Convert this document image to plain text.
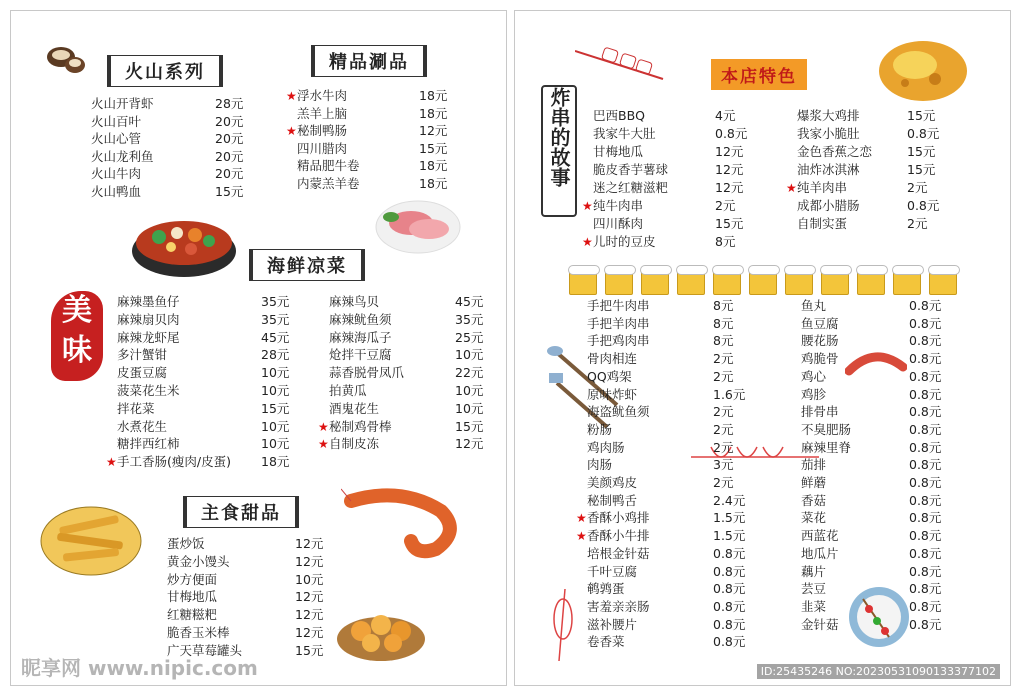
火山系列	精品涮品
火山开背虾	28元
火山百叶	20元
火山心管	20元
火山龙利鱼	20元
火山牛肉	20元
火山鸭血	15元
★ 浮水牛肉	18元
羔羊上脑	18元
★ 秘制鸭肠	12元
四川腊肉	15元
精品肥牛卷	18元
内蒙羔羊卷	18元
海鲜凉菜
美味
麻辣墨鱼仔	35元
麻辣扇贝肉	35元
麻辣龙虾尾	45元
多汁蟹钳	28元
皮蛋豆腐	10元
菠菜花生米	10元
拌花菜	15元
水煮花生	10元
糖拌西红柿	10元
★ 手工香肠(瘦肉/皮蛋) 18元
麻辣鸟贝	45元
麻辣鱿鱼须	35元
麻辣海瓜子	25元
炝拌干豆腐	10元
蒜香脱骨凤爪	22元
拍黄瓜	10元
酒鬼花生	10元
★ 秘制鸡骨棒	15元
★ 自制皮冻	12元
主食甜品
蛋炒饭	12元
黄金小馒头	12元
炒方便面	10元
甘梅地瓜	12元
红糖糍粑	12元
脆香玉米棒	12元
广天草莓罐头	15元
昵享网 www.nipic.com
本店特色
炸串的故事	巴西BBQ	4元
我家牛大肚	0.8元
甘梅地瓜	12元
脆皮香芋薯球	12元
迷之红糖滋粑	12元
★ 纯牛肉串	2元
四川酥肉	15元
★ 儿时的豆皮	8元
爆浆大鸡排	15元
我家小脆肚	0.8元
金色香蕉之恋	15元
油炸冰淇淋	15元
★ 纯羊肉串	2元
成都小腊肠	0.8元
自制实蛋	2元
手把牛肉串	8元
手把羊肉串	8元
手把鸡肉串	8元
骨肉相连	2元
QQ鸡架	2元
原味炸虾	1.6元
海盗鱿鱼须	2元
粉肠	2元
鸡肉肠	2元
肉肠	3元
美颜鸡皮	2元
秘制鸭舌	2.4元
★ 香酥小鸡排	1.5元
★ 香酥小牛排	1.5元
培根金针菇	0.8元
千叶豆腐	0.8元
鹌鹑蛋	0.8元
害羞亲亲肠	0.8元
滋补腰片	0.8元
卷香菜	0.8元
鱼丸	0.8元
鱼豆腐	0.8元
腰花肠	0.8元
鸡脆骨	0.8元
鸡心	0.8元
鸡胗	0.8元
排骨串	0.8元
不臭肥肠	0.8元
麻辣里脊	0.8元
茄排	0.8元
鲜蘑	0.8元
香菇	0.8元
菜花	0.8元
西蓝花	0.8元
地瓜片	0.8元
藕片	0.8元
芸豆	0.8元
韭菜	0.8元
金针菇	0.8元
ID:25435246 NO:20230531090133377102
